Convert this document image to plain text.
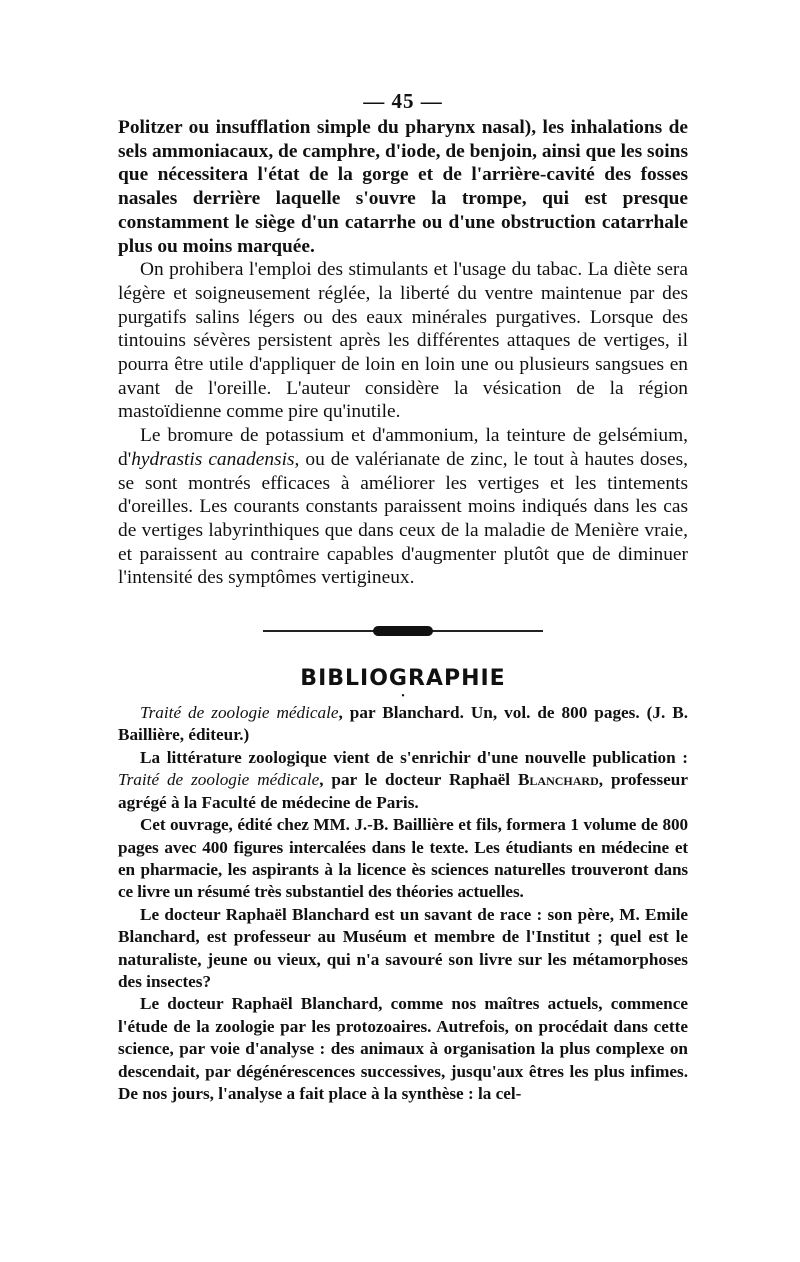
— 45 —

Politzer ou insufflation simple du pharynx nasal), les inhalations de sels ammoniacaux, de camphre, d'iode, de benjoin, ainsi que les soins que nécessitera l'état de la gorge et de l'arrière-cavité des fosses nasales derrière laquelle s'ouvre la trompe, qui est presque constamment le siège d'un catarrhe ou d'une obstruction catarrhale plus ou moins marquée.

On prohibera l'emploi des stimulants et l'usage du tabac. La diète sera légère et soigneusement réglée, la liberté du ventre maintenue par des purgatifs salins légers ou des eaux minérales purgatives. Lorsque des tintouins sévères persistent après les différentes attaques de vertiges, il pourra être utile d'appliquer de loin en loin une ou plusieurs sangsues en avant de l'oreille. L'auteur considère la vésication de la région mastoïdienne comme pire qu'inutile.

Le bromure de potassium et d'ammonium, la teinture de gelsémium, d'hydrastis canadensis, ou de valérianate de zinc, le tout à hautes doses, se sont montrés efficaces à améliorer les vertiges et les tintements d'oreilles. Les courants constants paraissent moins indiqués dans les cas de vertiges labyrinthiques que dans ceux de la maladie de Menière vraie, et paraissent au contraire capables d'augmenter plutôt que de diminuer l'intensité des symptômes vertigineux.

BIBLIOGRAPHIE
•

Traité de zoologie médicale, par Blanchard. Un, vol. de 800 pages. (J. B. Baillière, éditeur.)

La littérature zoologique vient de s'enrichir d'une nouvelle publication : Traité de zoologie médicale, par le docteur Raphaël Blanchard, professeur agrégé à la Faculté de médecine de Paris.

Cet ouvrage, édité chez MM. J.-B. Baillière et fils, formera 1 volume de 800 pages avec 400 figures intercalées dans le texte. Les étudiants en médecine et en pharmacie, les aspirants à la licence ès sciences naturelles trouveront dans ce livre un résumé très substantiel des théories actuelles.

Le docteur Raphaël Blanchard est un savant de race : son père, M. Emile Blanchard, est professeur au Muséum et membre de l'Institut ; quel est le naturaliste, jeune ou vieux, qui n'a savouré son livre sur les métamorphoses des insectes?

Le docteur Raphaël Blanchard, comme nos maîtres actuels, commence l'étude de la zoologie par les protozoaires. Autrefois, on procédait dans cette science, par voie d'analyse : des animaux à organisation la plus complexe on descendait, par dégénérescences successives, jusqu'aux êtres les plus infimes. De nos jours, l'analyse a fait place à la synthèse : la cel-
